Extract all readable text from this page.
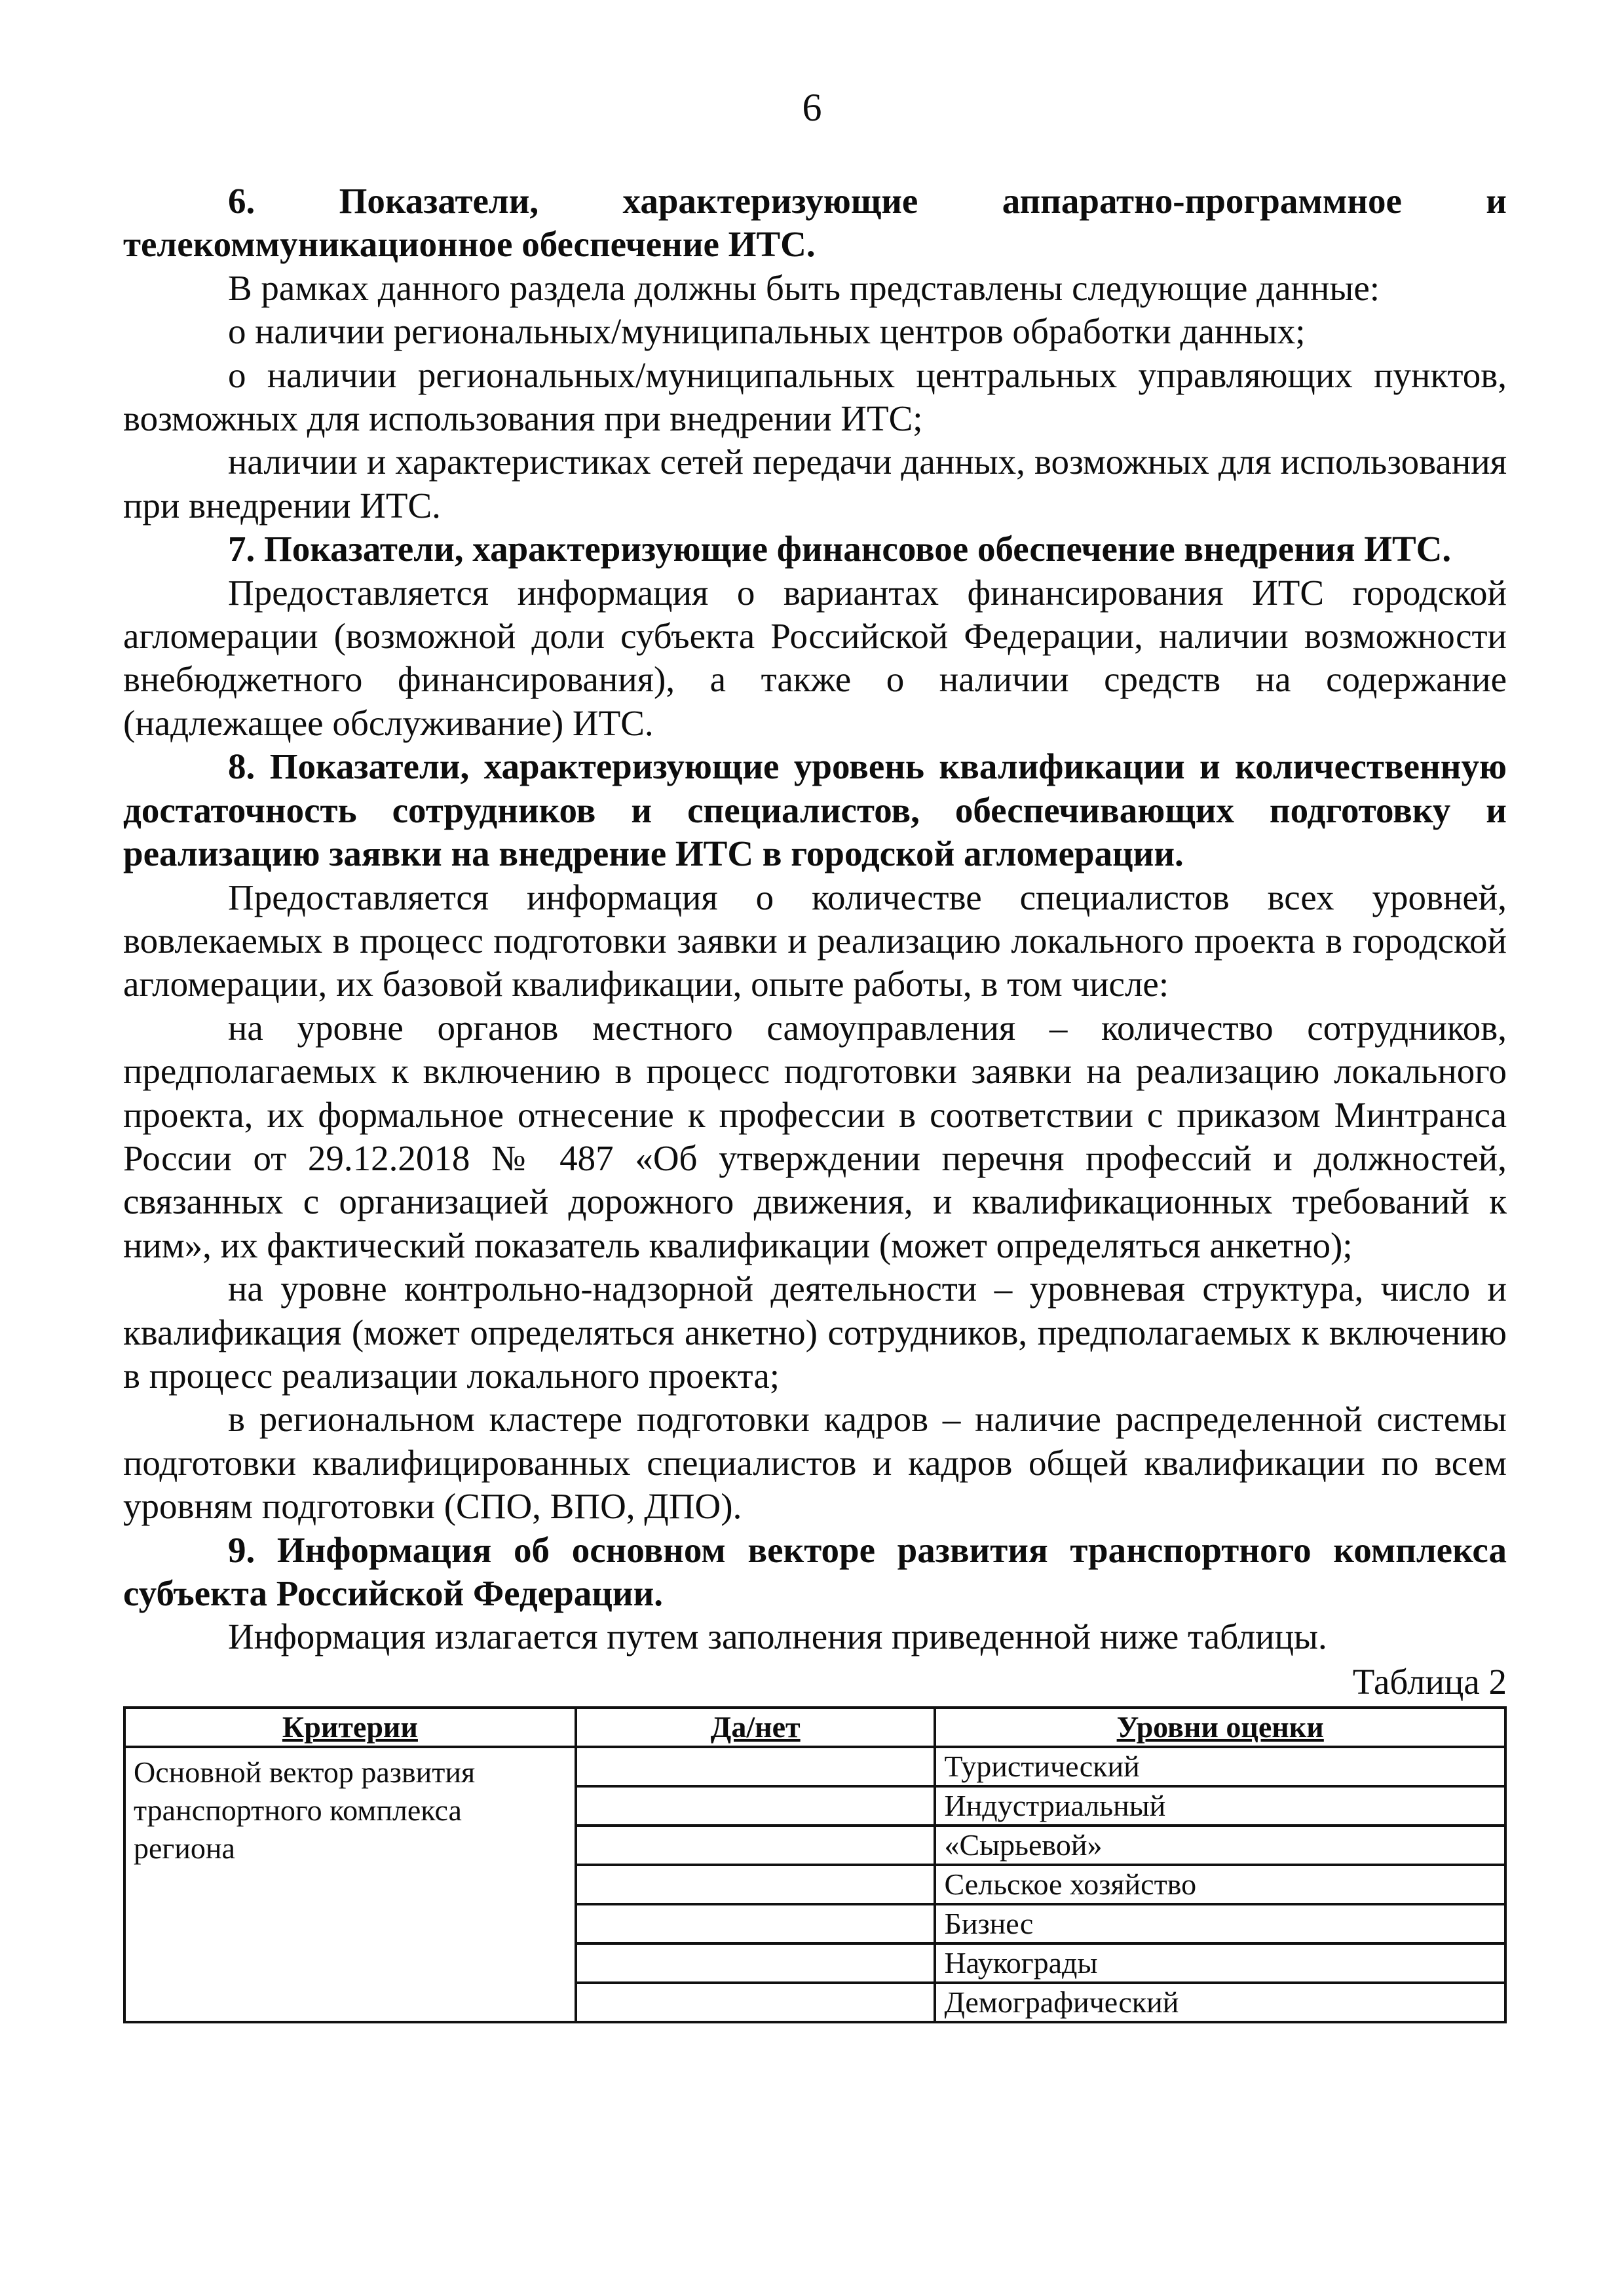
6

6. Показатели, характеризующие аппаратно-программное и телекоммуникационное обеспечение ИТС.

В рамках данного раздела должны быть представлены следующие данные:

о наличии региональных/муниципальных центров обработки данных;

о наличии региональных/муниципальных центральных управляющих пунктов, возможных для использования при внедрении ИТС;

наличии и характеристиках сетей передачи данных, возможных для использования при внедрении ИТС.

7. Показатели, характеризующие финансовое обеспечение внедрения ИТС.

Предоставляется информация о вариантах финансирования ИТС городской агломерации (возможной доли субъекта Российской Федерации, наличии возможности внебюджетного финансирования), а также о наличии средств на содержание (надлежащее обслуживание) ИТС.

8. Показатели, характеризующие уровень квалификации и количественную достаточность сотрудников и специалистов, обеспечивающих подготовку и реализацию заявки на внедрение ИТС в городской агломерации.

Предоставляется информация о количестве специалистов всех уровней, вовлекаемых в процесс подготовки заявки и реализацию локального проекта в городской агломерации, их базовой квалификации, опыте работы, в том числе:

на уровне органов местного самоуправления – количество сотрудников, предполагаемых к включению в процесс подготовки заявки на реализацию локального проекта, их формальное отнесение к профессии в соответствии с приказом Минтранса России от 29.12.2018 № 487 «Об утверждении перечня профессий и должностей, связанных с организацией дорожного движения, и квалификационных требований к ним», их фактический показатель квалификации (может определяться анкетно);

на уровне контрольно-надзорной деятельности – уровневая структура, число и квалификация (может определяться анкетно) сотрудников, предполагаемых к включению в процесс реализации локального проекта;

в региональном кластере подготовки кадров – наличие распределенной системы подготовки квалифицированных специалистов и кадров общей квалификации по всем уровням подготовки (СПО, ВПО, ДПО).

9. Информация об основном векторе развития транспортного комплекса субъекта Российской Федерации.

Информация излагается путем заполнения приведенной ниже таблицы.

Таблица 2

Критерии	Да/нет	Уровни оценки
Основной вектор развития транспортного комплекса региона		Туристический
		Индустриальный
		«Сырьевой»
		Сельское хозяйство
		Бизнес
		Наукограды
		Демографический
